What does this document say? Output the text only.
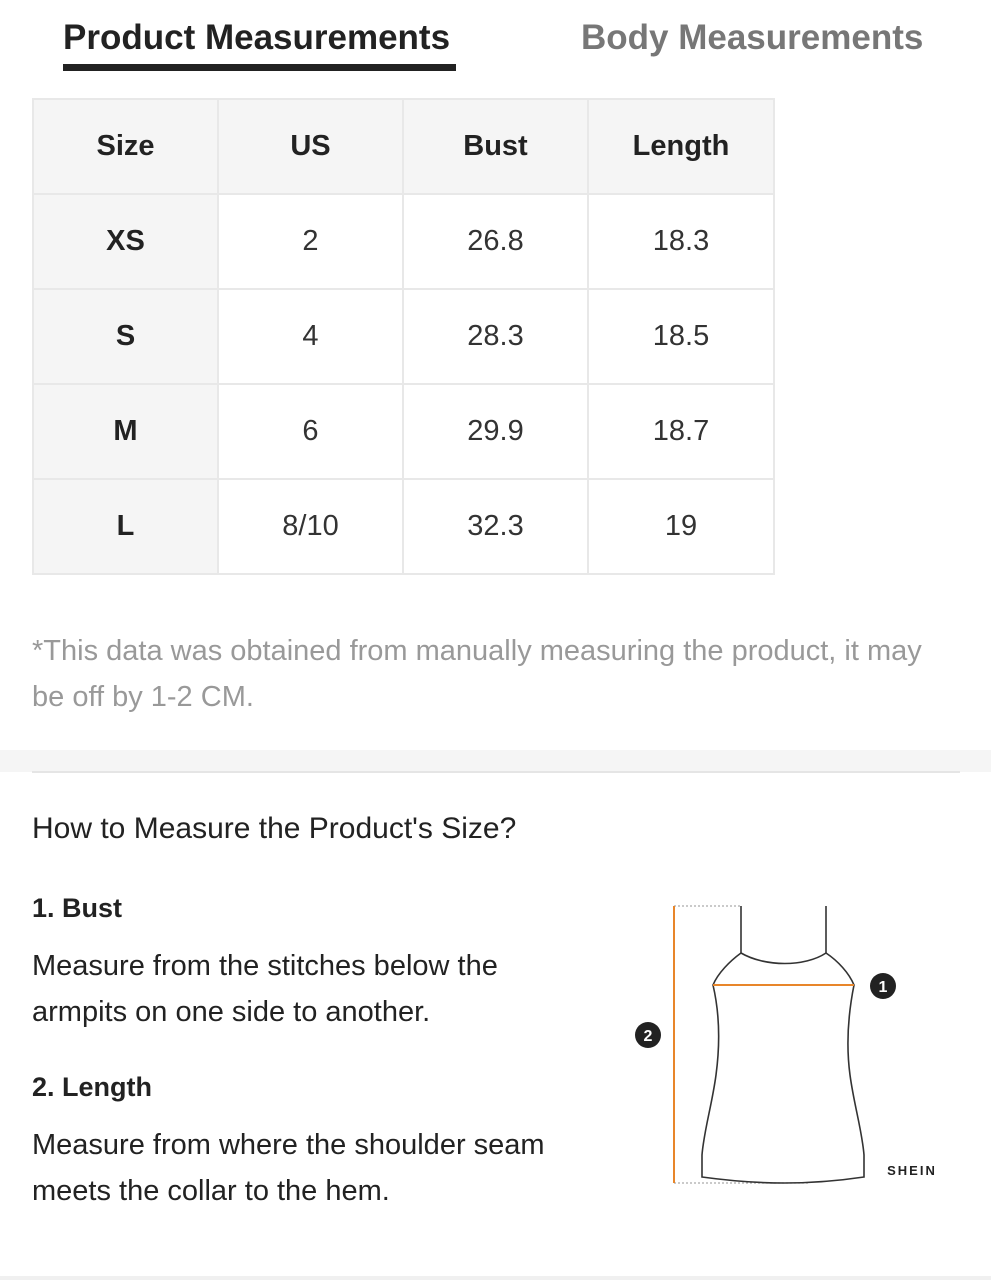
Product Measurements	Body Measurements
Size	US	Bust	Length
XS	2	26.8	18.3
S	4	28.3	18.5
M	6	29.9	18.7
L	8/10	32.3	19
*This data was obtained from manually measuring the product, it may be off by 1-2 CM.
How to Measure the Product's Size?
1. Bust
Measure from the stitches below the armpits on one side to another.
2. Length
Measure from where the shoulder seam meets the collar to the hem.
1
2
SHEIN
